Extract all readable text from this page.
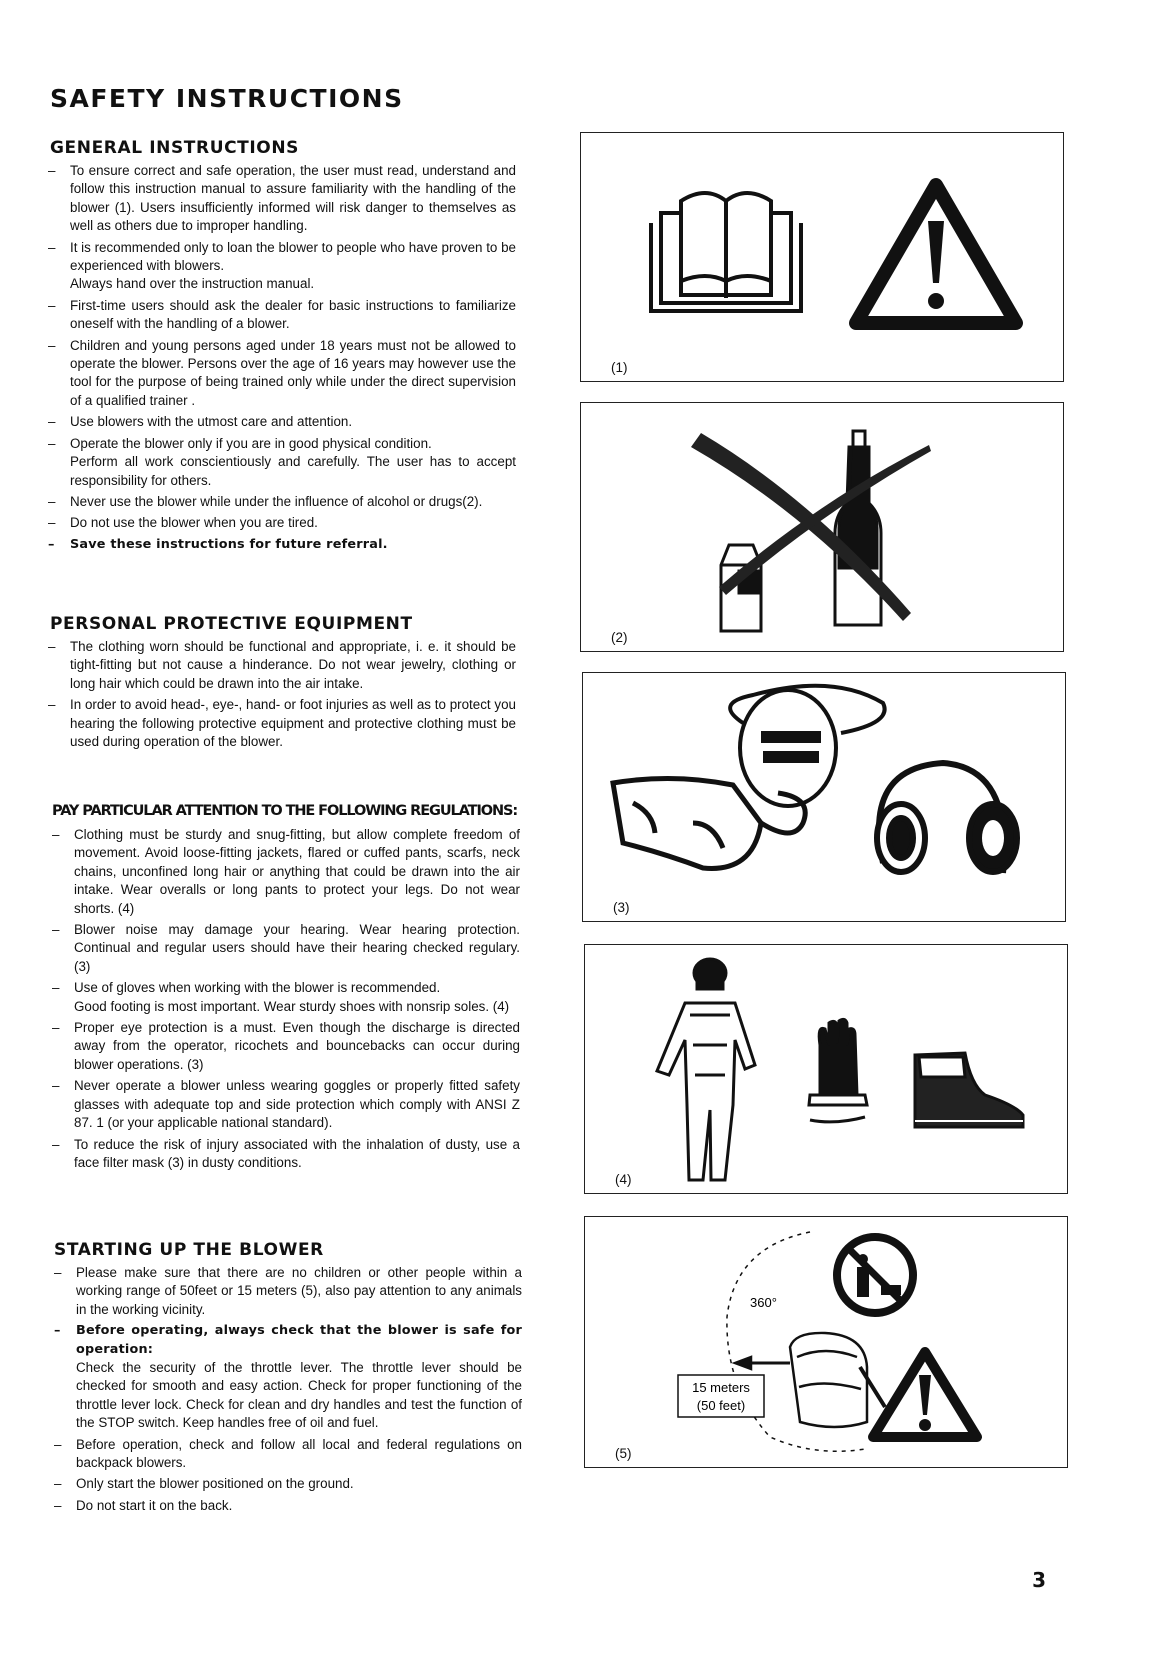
SAFETY INSTRUCTIONS
GENERAL INSTRUCTIONS
– To ensure correct and safe operation, the user must read, understand and follow this instruction manual to assure familiarity with the handling of the blower (1). Users insufficiently informed will risk danger to themselves as well as others due to improper handling.
– It is recommended only to loan the blower to people who have proven to be experienced with blowers.
Always hand over the instruction manual.
– First-time users should ask the dealer for basic instructions to familiarize oneself with the handling of a blower.
– Children and young persons aged under 18 years must not be allowed to operate the blower. Persons over the age of 16 years may however use the tool for the purpose of being trained only while under the direct supervision of a qualified trainer .
– Use blowers with the utmost care and attention.
– Operate the blower only if you are in good physical condition.
Perform all work conscientiously and carefully. The user has to accept responsibility for others.
– Never use the blower while under the influence of alcohol or drugs(2).
– Do not use the blower when you are tired.
– Save these instructions for future referral.
PERSONAL PROTECTIVE EQUIPMENT
– The clothing worn should be functional and appropriate, i. e. it should be tight-fitting but not cause a hinderance. Do not wear jewelry, clothing or long hair which could be drawn into the air intake.
– In order to avoid head-, eye-, hand- or foot injuries as well as to protect you hearing the following protective equipment and protective clothing must be used during operation of the blower.
PAY PARTICULAR ATTENTION TO THE FOLLOWING REGULATIONS:
– Clothing must be sturdy and snug-fitting, but allow complete freedom of movement. Avoid loose-fitting jackets, flared or cuffed pants, scarfs, neck chains, unconfined long hair or anything that could be drawn into the air intake. Wear overalls or long pants to protect your legs. Do not wear shorts. (4)
– Blower noise may damage your hearing. Wear hearing protection. Continual and regular users should have their hearing checked regulary. (3)
– Use of gloves when working with the blower is recommended.
Good footing is most important. Wear sturdy shoes with nonsrip soles. (4)
– Proper eye protection is a must. Even though the discharge is directed away from the operator, ricochets and bouncebacks can occur during blower operations. (3)
– Never operate a blower unless wearing goggles or properly fitted safety glasses with adequate top and side protection which comply with ANSI Z 87. 1 (or your applicable national standard).
– To reduce the risk of injury associated with the inhalation of dusty, use a face filter mask (3) in dusty conditions.
STARTING UP THE BLOWER
– Please make sure that there are no children or other people within a working range of 50feet or 15 meters (5), also pay attention to any animals in the working vicinity.
– Before operating, always check that the blower is safe for operation:
Check the security of the throttle lever. The throttle lever should be checked for smooth and easy action. Check for proper functioning of the throttle lever lock. Check for clean and dry handles and test the function of the STOP switch. Keep handles free of oil and fuel.
– Before operation, check and follow all local and federal regulations on backpack blowers.
– Only start the blower positioned on the ground.
– Do not start it on the back.
(1)
(2)
(3)
(4)
360°
15 meters
(50 feet)
(5)
3
